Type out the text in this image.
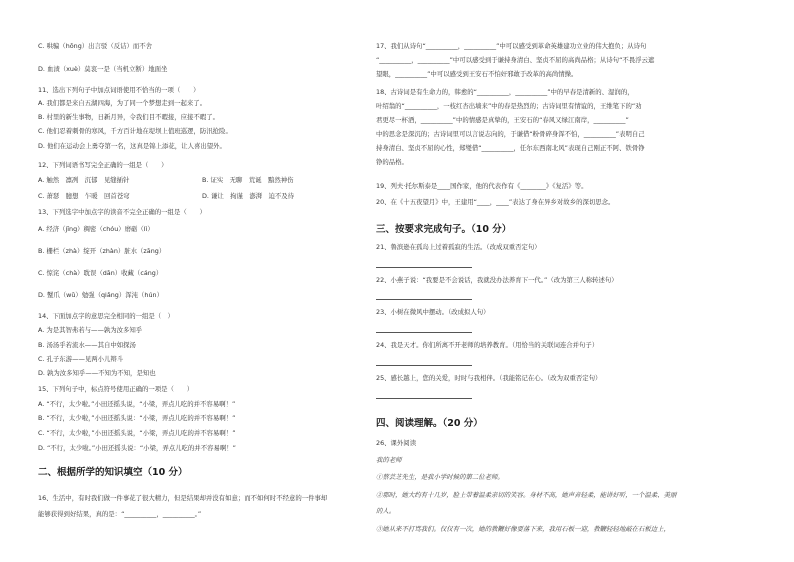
C. 哄骗（hōng）出言驳（反诘）而不舍
D. 血渍（xuè）莫衷一是（当机立断）地面坐
11、选出下列句子中加点词语使用不恰当的一项（　　）
A. 我们都是来自五湖四海，为了同一个梦想走到一起来了。
B. 村里的新生事物，日新月异，令我们目不暇接，应接不暇了。
C. 他们忍着刺骨的寒风，千方百计地在堤坝上值班巡逻，防汛抢险。
D. 他们在运动会上勇夺第一名，这真是锦上添花，让人喜出望外。
12、下列词语书写完全正确的一组是（　　）
A. 触然　凛冽　沉郁　见缝插针	B. 证实　无聊　荒诞　黯然神伤
C. 萧瑟　臆想　乍暖　回首苍穹	D. 谦让　拘谨　澎湃　迫不及待
13、下列选字中加点字的读音不完全正确的一组是（　　）
A. 经济（jīng）稠密（chóu）磨砺（lì）
B. 栅栏（zhà）绽开（zhàn）脏水（zāng）
C. 惊诧（chà）耽误（dān）收藏（cáng）
D. 蟹爪（wǔ）勉强（qiǎng）浑沌（hún）
14、下面加点字的意思完全相同的一组是（　）
A. 为是其智弗若与——孰为汝多知乎
B. 汤汤乎若流水——其自中如探汤
C. 孔子东游——见两小儿辩斗
D. 孰为汝多知乎——不知为不知，是知也
15、下列句子中，标点符号使用正确的一项是（　　）
A. “不行，太少啦。”小田还摇头说，“小梁，弄点儿吃的并不容易啊！”
B. “不行，太少啦，”小田还摇头说：“小梁，弄点儿吃的并不容易啊！”
C. “不行，太少啦，”小田还摇头说，“小梁，弄点儿吃的并不容易啊！”
D. “不行，太少啦。”小田还摇头说：“小梁，弄点儿吃的并不容易啊！”
二、根据所学的知识填空（10 分）
16、生活中，有时我们做一件事花了很大精力，但是结果却并没有如意；而不如何时不经意的一件事却
能够获得到好结果，真的是：“__________，__________。”
17、我们从诗句“__________，__________”中可以感受到革命英雄建功立业的伟大抱负；从诗句
“__________，__________”中可以感受到于谦持身清白、坚贞不屈的高尚品格；从诗句“不畏浮云遮
望眼，__________”中可以感受到王安石不怕奸邪敢于改革的高尚情操。
18、古诗词是有生命力的，韩愈的“__________，__________”中的早春是清新的、湿润的，
叶绍翁的“__________，一枝红杏出墙来”中的春是热烈的；古诗词里有情谊的，王维笔下的“劝
君更尽一杯酒，__________”中的情感是真挚的，王安石的“春风又绿江南岸，__________”
中的思念是深沉的；古诗词里可以言说志向的，于谦借“粉骨碎身浑不怕，__________”表明自己
持身清白、坚贞不屈的心性，郑燮借“__________，任尔东西南北风”表现自己刚正不阿、铁骨铮
铮的品格。
19、列夫·托尔斯泰是____国作家，他的代表作有《________》《复活》等。
20、在《十五夜望月》中，王建用“____，____”表达了身在异乡对故乡的深切思念。
三、按要求完成句子。（10 分）
21、鲁滨逊在孤岛上过着孤寂的生活。（改成双重否定句）
22、小燕子说：“我要是不会说话，我就没办法养育下一代。”（改为第三人称转述句）
23、小树在微风中摆动。（改成拟人句）
24、我是天才。你们所离不开老师的培养教育。（用恰当的关联词连合并句子）
25、感长越上，您的关爱，时时与我相伴。（我能铭记在心。（改为双重否定句）
四、阅读理解。（20 分）
26、课外阅读
我的老师
①蔡芸芝先生，是我小学时候的第二位老师。
②那时，她大约有十几岁，脸上带着温柔亲切的笑容。身材不高，她声音轻柔，能讲好听，一个温柔、美丽
的人。
③她从来不打骂我们。仅仅有一次，她的教鞭好像要落下来，我用石板一迎，教鞭轻轻地敲在石板边上，
